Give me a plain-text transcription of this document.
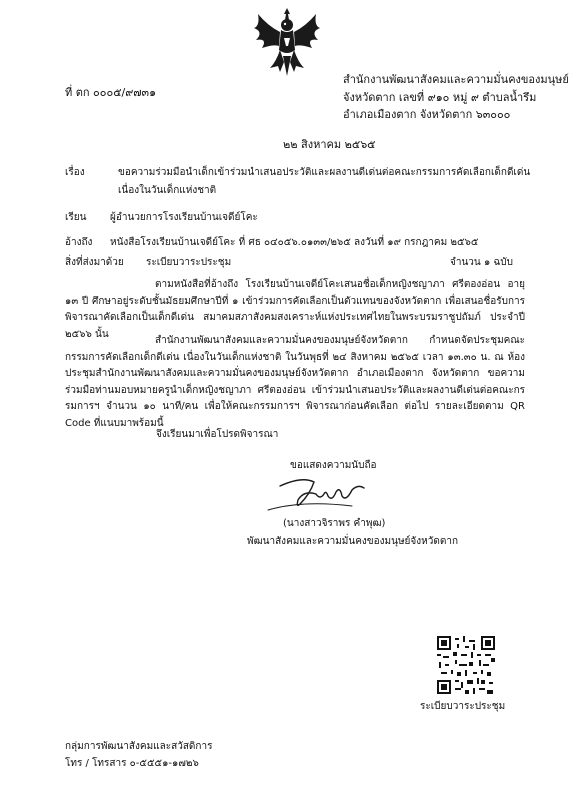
ที่ ตก ๐๐๐๕/๙๗๓๑
สำนักงานพัฒนาสังคมและความมั่นคงของมนุษย์
จังหวัดตาก เลขที่ ๙๑๐ หมู่ ๙ ตำบลน้ำรึม
อำเภอเมืองตาก จังหวัดตาก ๖๓๐๐๐
๒๒ สิงหาคม ๒๕๖๕
เรื่อง	ขอความร่วมมือนำเด็กเข้าร่วมนำเสนอประวัติและผลงานดีเด่นต่อคณะกรรมการคัดเลือกเด็กดีเด่น
เนื่องในวันเด็กแห่งชาติ
เรียน ผู้อำนวยการโรงเรียนบ้านเจดีย์โคะ
อ้างถึง หนังสือโรงเรียนบ้านเจดีย์โคะ ที่ ศธ ๐๔๐๕๖.๐๑๓๓/๒๖๕ ลงวันที่ ๑๙ กรกฎาคม ๒๕๖๕
สิ่งที่ส่งมาด้วย ระเบียบวาระประชุม	จำนวน ๑ ฉบับ

ตามหนังสือที่อ้างถึง โรงเรียนบ้านเจดีย์โคะเสนอชื่อเด็กหญิงชญาภา ศรีตองอ่อน อายุ ๑๓ ปี ศึกษาอยู่ระดับชั้นมัธยมศึกษาปีที่ ๑ เข้าร่วมการคัดเลือกเป็นตัวแทนของจังหวัดตาก เพื่อเสนอชื่อรับการพิจารณาคัดเลือกเป็นเด็กดีเด่น สมาคมสภาสังคมสงเคราะห์แห่งประเทศไทยในพระบรมราชูปถัมภ์ ประจำปี ๒๕๖๖ นั้น

สำนักงานพัฒนาสังคมและความมั่นคงของมนุษย์จังหวัดตาก กำหนดจัดประชุมคณะกรรมการคัดเลือกเด็กดีเด่น เนื่องในวันเด็กแห่งชาติ ในวันพุธที่ ๒๔ สิงหาคม ๒๕๖๕ เวลา ๑๓.๓๐ น. ณ ห้องประชุมสำนักงานพัฒนาสังคมและความมั่นคงของมนุษย์จังหวัดตาก อำเภอเมืองตาก จังหวัดตาก ขอความร่วมมือท่านมอบหมายครูนำเด็กหญิงชญาภา ศรีตองอ่อน เข้าร่วมนำเสนอประวัติและผลงานดีเด่นต่อคณะกรรมการฯ จำนวน ๑๐ นาที/คน เพื่อให้คณะกรรมการฯ พิจารณาก่อนคัดเลือก ต่อไป รายละเอียดตาม QR Code ที่แนบมาพร้อมนี้

จึงเรียนมาเพื่อโปรดพิจารณา
ขอแสดงความนับถือ
(นางสาวจิราพร คำพุฒ)
พัฒนาสังคมและความมั่นคงของมนุษย์จังหวัดตาก
ระเบียบวาระประชุม
กลุ่มการพัฒนาสังคมและสวัสดิการ
โทร / โทรสาร ๐-๕๕๕๑-๑๗๒๖
